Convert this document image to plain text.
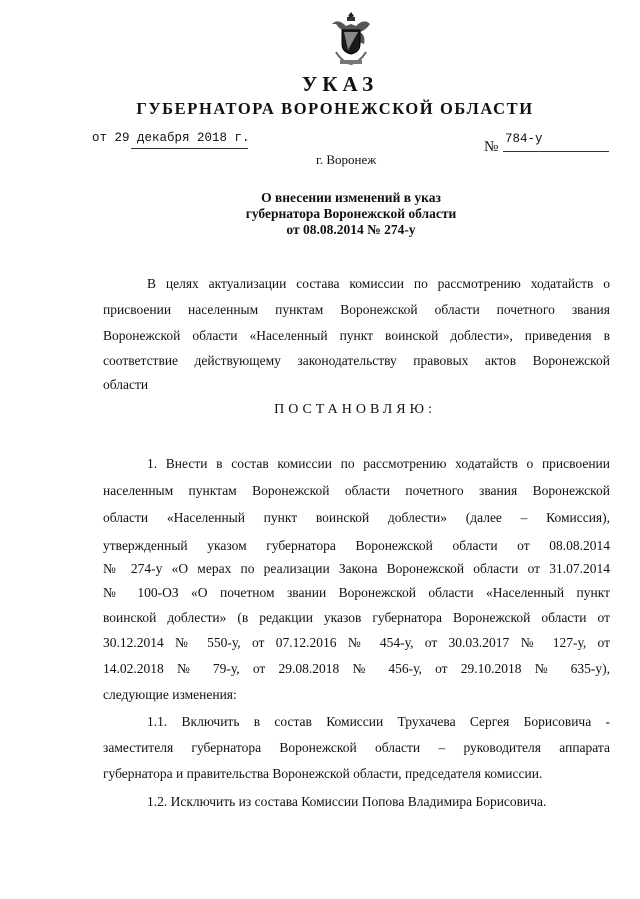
УКАЗ
ГУБЕРНАТОРА ВОРОНЕЖСКОЙ ОБЛАСТИ
от 29 декабря 2018 г.
№ 784-у
г. Воронеж
О внесении изменений в указ
губернатора Воронежской области
от 08.08.2014 № 274-у
В целях актуализации состава комиссии по рассмотрению ходатайств о
присвоении населенным пунктам Воронежской области почетного звания
Воронежской области «Населенный пункт воинской доблести», приведения в
соответствие действующему законодательству правовых актов Воронежской
области
ПОСТАНОВЛЯЮ:
1. Внести в состав комиссии по рассмотрению ходатайств о присвоении
населенным пунктам Воронежской области почетного звания Воронежской
области «Населенный пункт воинской доблести» (далее – Комиссия),
утвержденный указом губернатора Воронежской области от 08.08.2014
№ 274-у «О мерах по реализации Закона Воронежской области от 31.07.2014
№ 100-ОЗ «О почетном звании Воронежской области «Населенный пункт
воинской доблести» (в редакции указов губернатора Воронежской области от
30.12.2014 № 550-у, от 07.12.2016 № 454-у, от 30.03.2017 № 127-у, от
14.02.2018 № 79-у, от 29.08.2018 № 456-у, от 29.10.2018 № 635-у),
следующие изменения:
1.1. Включить в состав Комиссии Трухачева Сергея Борисовича -
заместителя губернатора Воронежской области – руководителя аппарата
губернатора и правительства Воронежской области, председателя комиссии.
1.2. Исключить из состава Комиссии Попова Владимира Борисовича.
